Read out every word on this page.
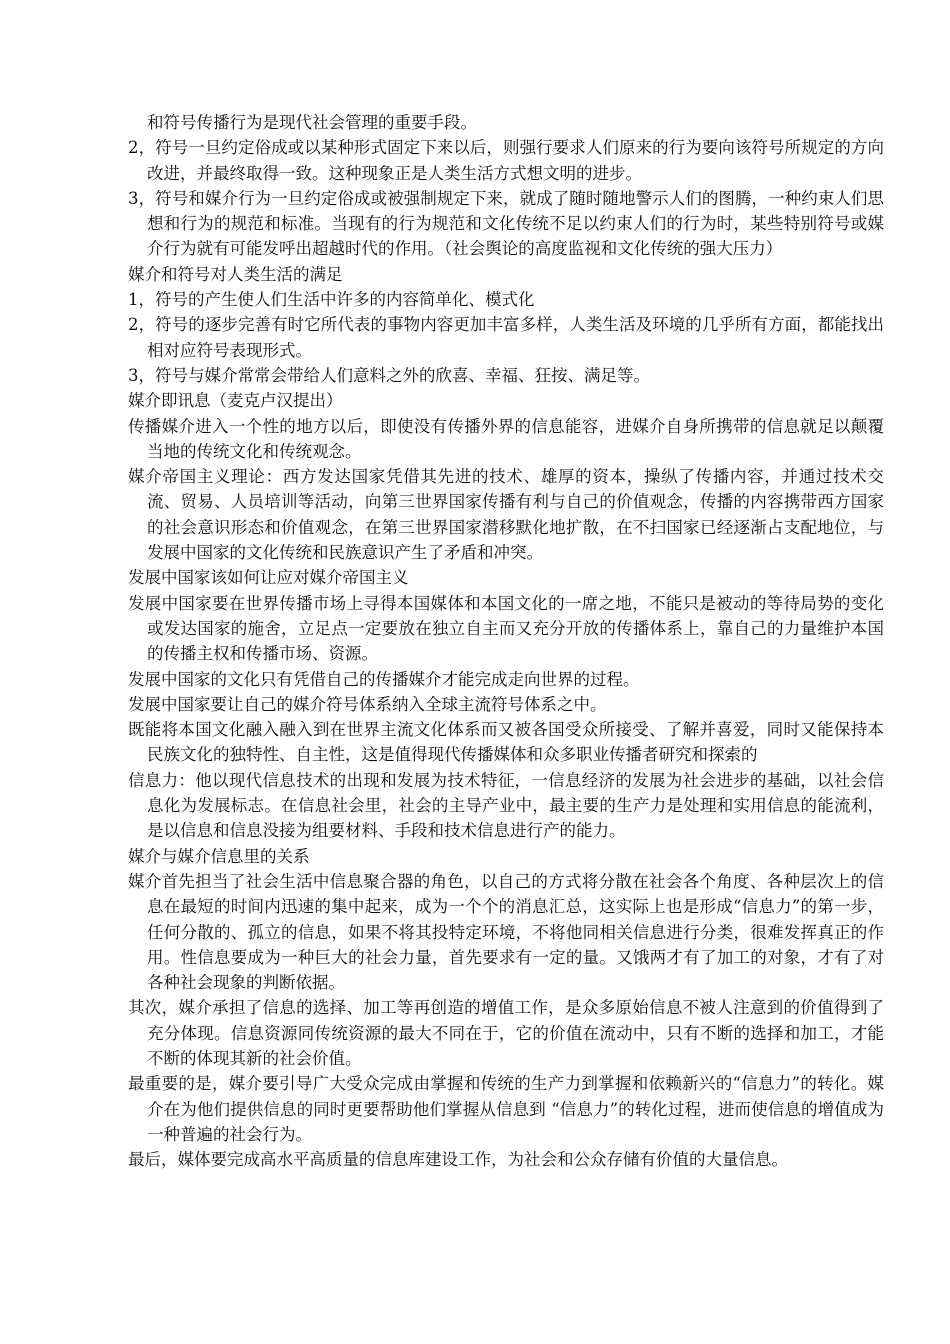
和符号传播行为是现代社会管理的重要手段。

2，符号一旦约定俗成或以某种形式固定下来以后，则强行要求人们原来的行为要向该符号所规定的方向改进，并最终取得一致。这种现象正是人类生活方式想文明的进步。

3，符号和媒介行为一旦约定俗成或被强制规定下来，就成了随时随地警示人们的图腾，一种约束人们思想和行为的规范和标准。当现有的行为规范和文化传统不足以约束人们的行为时，某些特别符号或媒介行为就有可能发呼出超越时代的作用。（社会舆论的高度监视和文化传统的强大压力）

媒介和符号对人类生活的满足

1，符号的产生使人们生活中许多的内容简单化、模式化

2，符号的逐步完善有时它所代表的事物内容更加丰富多样，人类生活及环境的几乎所有方面，都能找出相对应符号表现形式。

3，符号与媒介常常会带给人们意料之外的欣喜、幸福、狂按、满足等。

媒介即讯息（麦克卢汉提出）

传播媒介进入一个性的地方以后，即使没有传播外界的信息能容，进媒介自身所携带的信息就足以颠覆当地的传统文化和传统观念。

媒介帝国主义理论：西方发达国家凭借其先进的技术、雄厚的资本，操纵了传播内容，并通过技术交流、贸易、人员培训等活动，向第三世界国家传播有利与自己的价值观念，传播的内容携带西方国家的社会意识形态和价值观念，在第三世界国家潜移默化地扩散，在不扫国家已经逐渐占支配地位，与发展中国家的文化传统和民族意识产生了矛盾和冲突。

发展中国家该如何让应对媒介帝国主义

发展中国家要在世界传播市场上寻得本国媒体和本国文化的一席之地，不能只是被动的等待局势的变化或发达国家的施舍，立足点一定要放在独立自主而又充分开放的传播体系上，靠自己的力量维护本国的传播主权和传播市场、资源。

发展中国家的文化只有凭借自己的传播媒介才能完成走向世界的过程。

发展中国家要让自己的媒介符号体系纳入全球主流符号体系之中。

既能将本国文化融入融入到在世界主流文化体系而又被各国受众所接受、了解并喜爱，同时又能保持本民族文化的独特性、自主性，这是值得现代传播媒体和众多职业传播者研究和探索的

信息力：他以现代信息技术的出现和发展为技术特征，一信息经济的发展为社会进步的基础，以社会信息化为发展标志。在信息社会里，社会的主导产业中，最主要的生产力是处理和实用信息的能流利，是以信息和信息没接为组要材料、手段和技术信息进行产的能力。

媒介与媒介信息里的关系

媒介首先担当了社会生活中信息聚合器的角色，以自己的方式将分散在社会各个角度、各种层次上的信息在最短的时间内迅速的集中起来，成为一个个的消息汇总，这实际上也是形成“信息力”的第一步，任何分散的、孤立的信息，如果不将其投特定环境，不将他同相关信息进行分类，很难发挥真正的作用。性信息要成为一种巨大的社会力量，首先要求有一定的量。又饿两才有了加工的对象，才有了对各种社会现象的判断依据。

其次，媒介承担了信息的选择、加工等再创造的增值工作，是众多原始信息不被人注意到的价值得到了充分体现。信息资源同传统资源的最大不同在于，它的价值在流动中，只有不断的选择和加工，才能不断的体现其新的社会价值。

最重要的是，媒介要引导广大受众完成由掌握和传统的生产力到掌握和依赖新兴的“信息力”的转化。媒介在为他们提供信息的同时更要帮助他们掌握从信息到 “信息力”的转化过程，进而使信息的增值成为一种普遍的社会行为。

最后，媒体要完成高水平高质量的信息库建设工作，为社会和公众存储有价值的大量信息。
